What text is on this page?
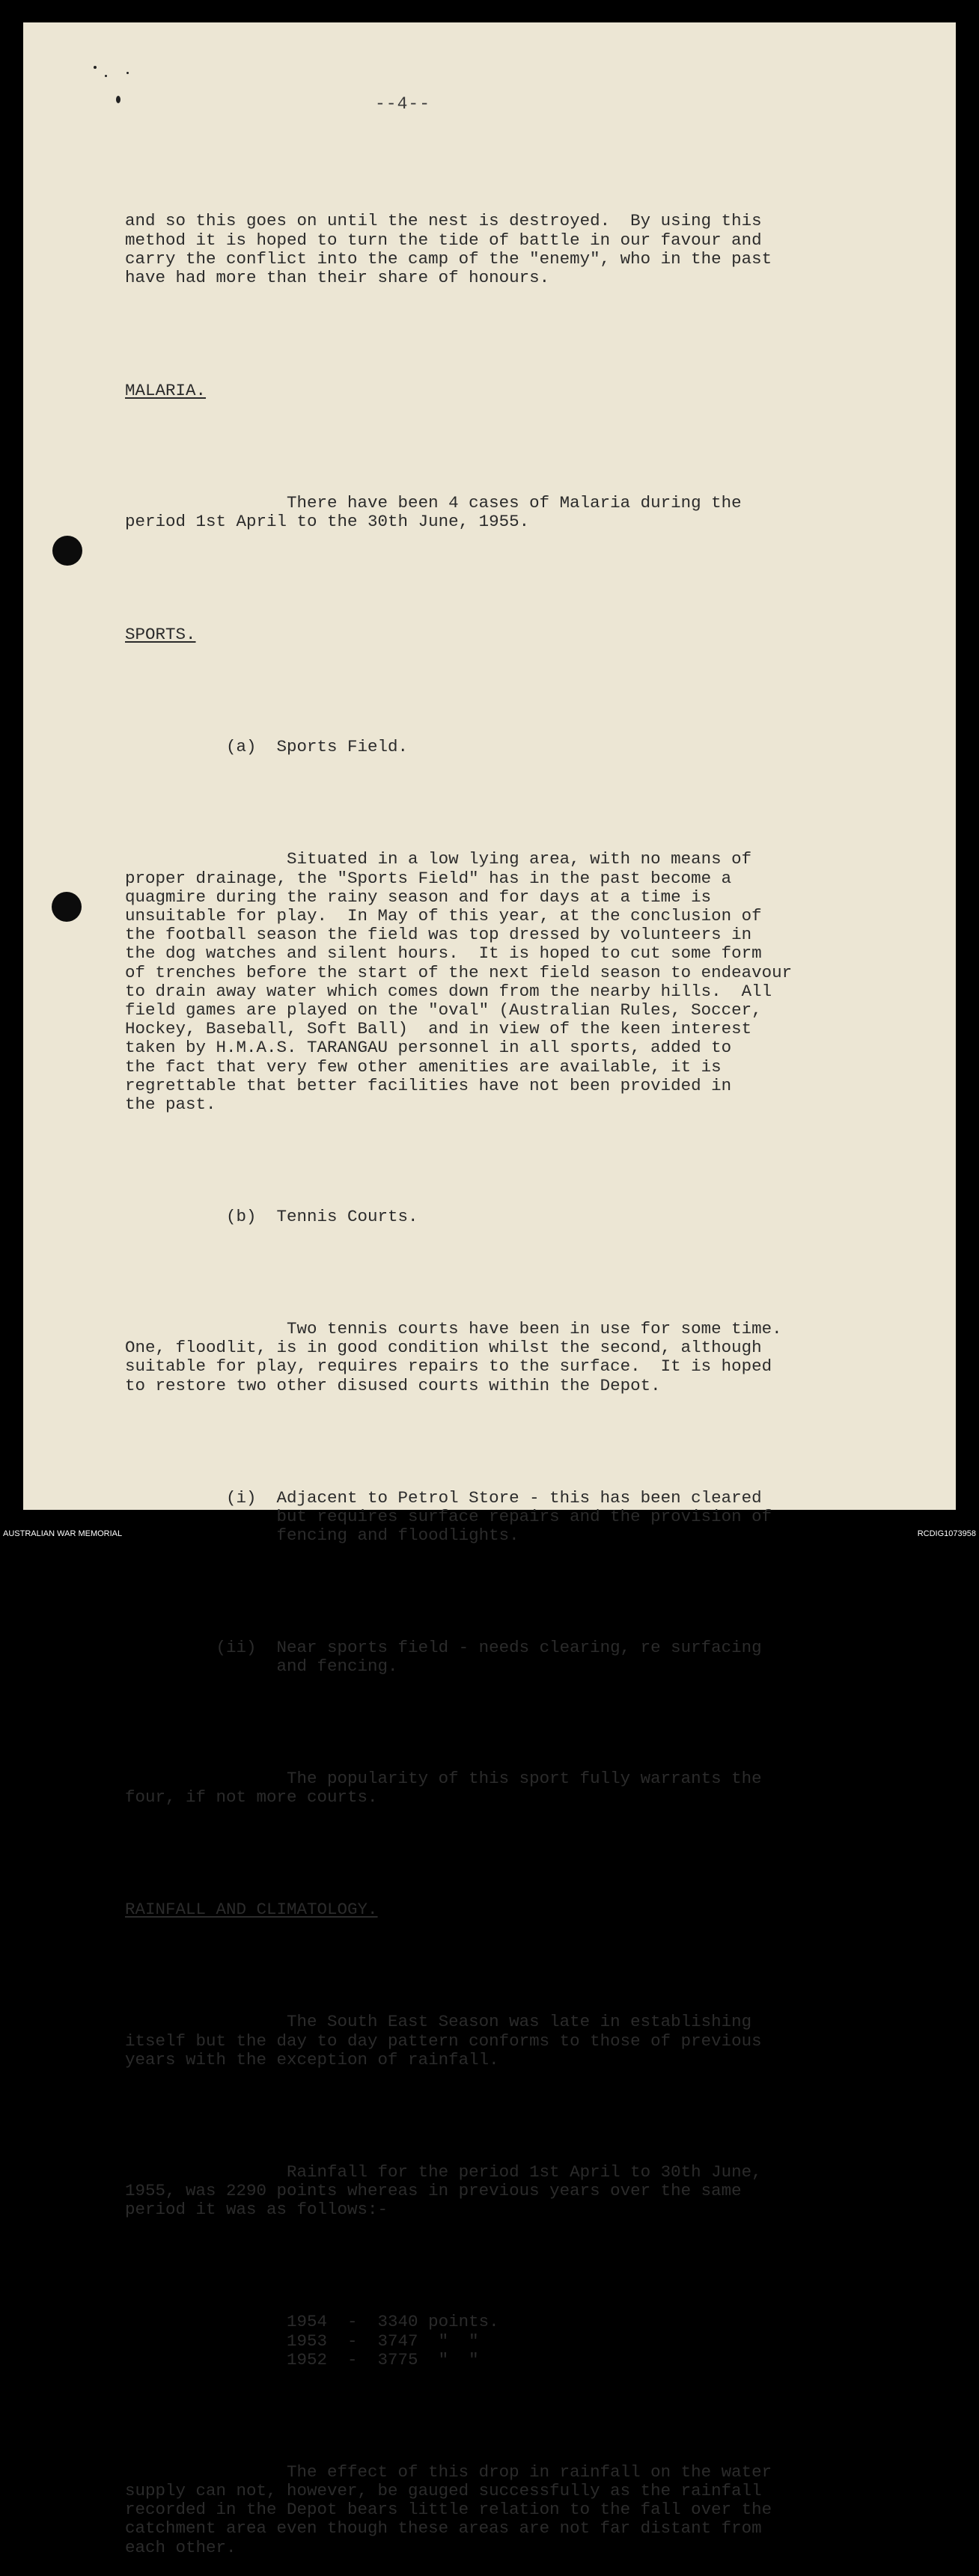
--4--

and so this goes on until the nest is destroyed.  By using this
method it is hoped to turn the tide of battle in our favour and
carry the conflict into the camp of the "enemy", who in the past
have had more than their share of honours.

MALARIA.

There have been 4 cases of Malaria during the
period 1st April to the 30th June, 1955.

SPORTS.

(a)  Sports Field.

Situated in a low lying area, with no means of
proper drainage, the "Sports Field" has in the past become a
quagmire during the rainy season and for days at a time is
unsuitable for play.  In May of this year, at the conclusion of
the football season the field was top dressed by volunteers in
the dog watches and silent hours.  It is hoped to cut some form
of trenches before the start of the next field season to endeavour
to drain away water which comes down from the nearby hills.  All
field games are played on the "oval" (Australian Rules, Soccer,
Hockey, Baseball, Soft Ball)  and in view of the keen interest
taken by H.M.A.S. TARANGAU personnel in all sports, added to
the fact that very few other amenities are available, it is
regrettable that better facilities have not been provided in
the past.

(b)  Tennis Courts.

Two tennis courts have been in use for some time.
One, floodlit, is in good condition whilst the second, although
suitable for play, requires repairs to the surface.  It is hoped
to restore two other disused courts within the Depot.

(i)  Adjacent to Petrol Store - this has been cleared
but requires surface repairs and the provision of
fencing and floodlights.

(ii)  Near sports field - needs clearing, re surfacing
and fencing.

The popularity of this sport fully warrants the
four, if not more courts.

RAINFALL AND CLIMATOLOGY.

The South East Season was late in establishing
itself but the day to day pattern conforms to those of previous
years with the exception of rainfall.

Rainfall for the period 1st April to 30th June,
1955, was 2290 points whereas in previous years over the same
period it was as follows:-

1954  -  3340 points.
1953  -  3747  "  "
1952  -  3775  "  "

The effect of this drop in rainfall on the water
supply can not, however, be gauged successfully as the rainfall
recorded in the Depot bears little relation to the fall over the
catchment area even though these areas are not far distant from
each other.

AUSTRALIAN WAR MEMORIAL	RCDIG1073958
